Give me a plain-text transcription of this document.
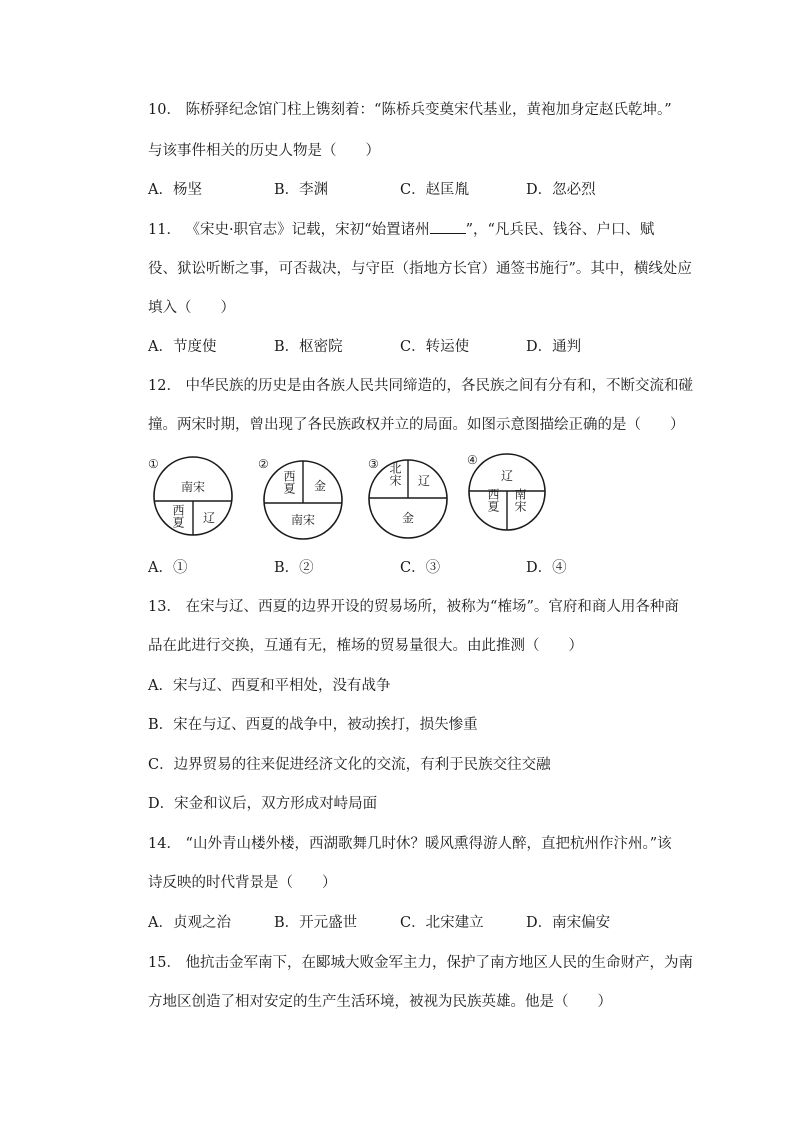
10． 陈桥驿纪念馆门柱上镌刻着：“陈桥兵变奠宋代基业，黄袍加身定赵氏乾坤。”
与该事件相关的历史人物是（　　）
A．杨坚	B．李渊	C．赵匡胤	D．忽必烈
11． 《宋史·职官志》记载，宋初“始置诸州 ”，“凡兵民、钱谷、户口、赋
役、狱讼听断之事，可否裁决，与守臣（指地方长官）通签书施行”。其中，横线处应
填入（　　）
A．节度使	B．枢密院	C．转运使	D．通判
12． 中华民族的历史是由各族人民共同缔造的，各民族之间有分有和，不断交流和碰
撞。两宋时期，曾出现了各民族政权并立的局面。如图示意图描绘正确的是（　　）
①
南宋
西夏 辽
②
西夏 金
南宋
③ 北宋 辽
金
④
辽
西夏 南宋
A．①	B．②	C．③	D．④
13． 在宋与辽、西夏的边界开设的贸易场所，被称为“榷场”。官府和商人用各种商
品在此进行交换，互通有无，榷场的贸易量很大。由此推测（　　）
A．宋与辽、西夏和平相处，没有战争
B．宋在与辽、西夏的战争中，被动挨打，损失惨重
C．边界贸易的往来促进经济文化的交流，有利于民族交往交融
D．宋金和议后，双方形成对峙局面
14． “山外青山楼外楼，西湖歌舞几时休？暖风熏得游人醉，直把杭州作汴州。”该
诗反映的时代背景是（　　）
A．贞观之治	B．开元盛世	C．北宋建立	D．南宋偏安
15． 他抗击金军南下，在郾城大败金军主力，保护了南方地区人民的生命财产，为南
方地区创造了相对安定的生产生活环境，被视为民族英雄。他是（　　）
